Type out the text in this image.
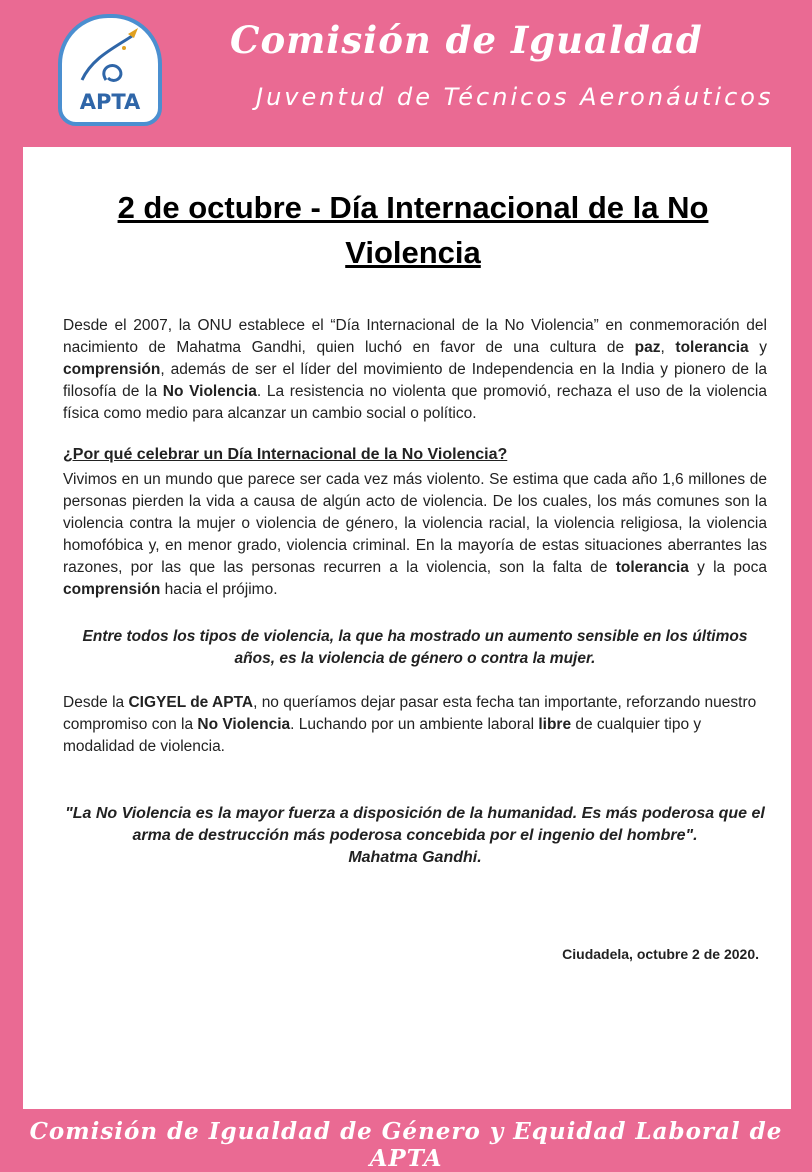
APTA
Comisión de Igualdad
Juventud de Técnicos Aeronáuticos
2 de octubre - Día Internacional de la No Violencia

Desde el 2007, la ONU establece el “Día Internacional de la No Violencia” en conmemoración del nacimiento de Mahatma Gandhi, quien luchó en favor de una cultura de paz, tolerancia y comprensión, además de ser el líder del movimiento de Independencia en la India y pionero de la filosofía de la No Violencia. La resistencia no violenta que promovió, rechaza el uso de la violencia física como medio para alcanzar un cambio social o político.

¿Por qué celebrar un Día Internacional de la No Violencia?

Vivimos en un mundo que parece ser cada vez más violento. Se estima que cada año 1,6 millones de personas pierden la vida a causa de algún acto de violencia. De los cuales, los más comunes son la violencia contra la mujer o violencia de género, la violencia racial, la violencia religiosa, la violencia homofóbica y, en menor grado, violencia criminal. En la mayoría de estas situaciones aberrantes las razones, por las que las personas recurren a la violencia, son la falta de tolerancia y la poca comprensión hacia el prójimo.

Entre todos los tipos de violencia, la que ha mostrado un aumento sensible en los últimos años, es la violencia de género o contra la mujer.

Desde la CIGYEL de APTA, no queríamos dejar pasar esta fecha tan importante, reforzando nuestro compromiso con la No Violencia. Luchando por un ambiente laboral libre de cualquier tipo y modalidad de violencia.

"La No Violencia es la mayor fuerza a disposición de la humanidad. Es más poderosa que el arma de destrucción más poderosa concebida por el ingenio del hombre".
Mahatma Gandhi.
Ciudadela, octubre 2 de 2020.
Comisión de Igualdad de Género y Equidad Laboral de APTA
